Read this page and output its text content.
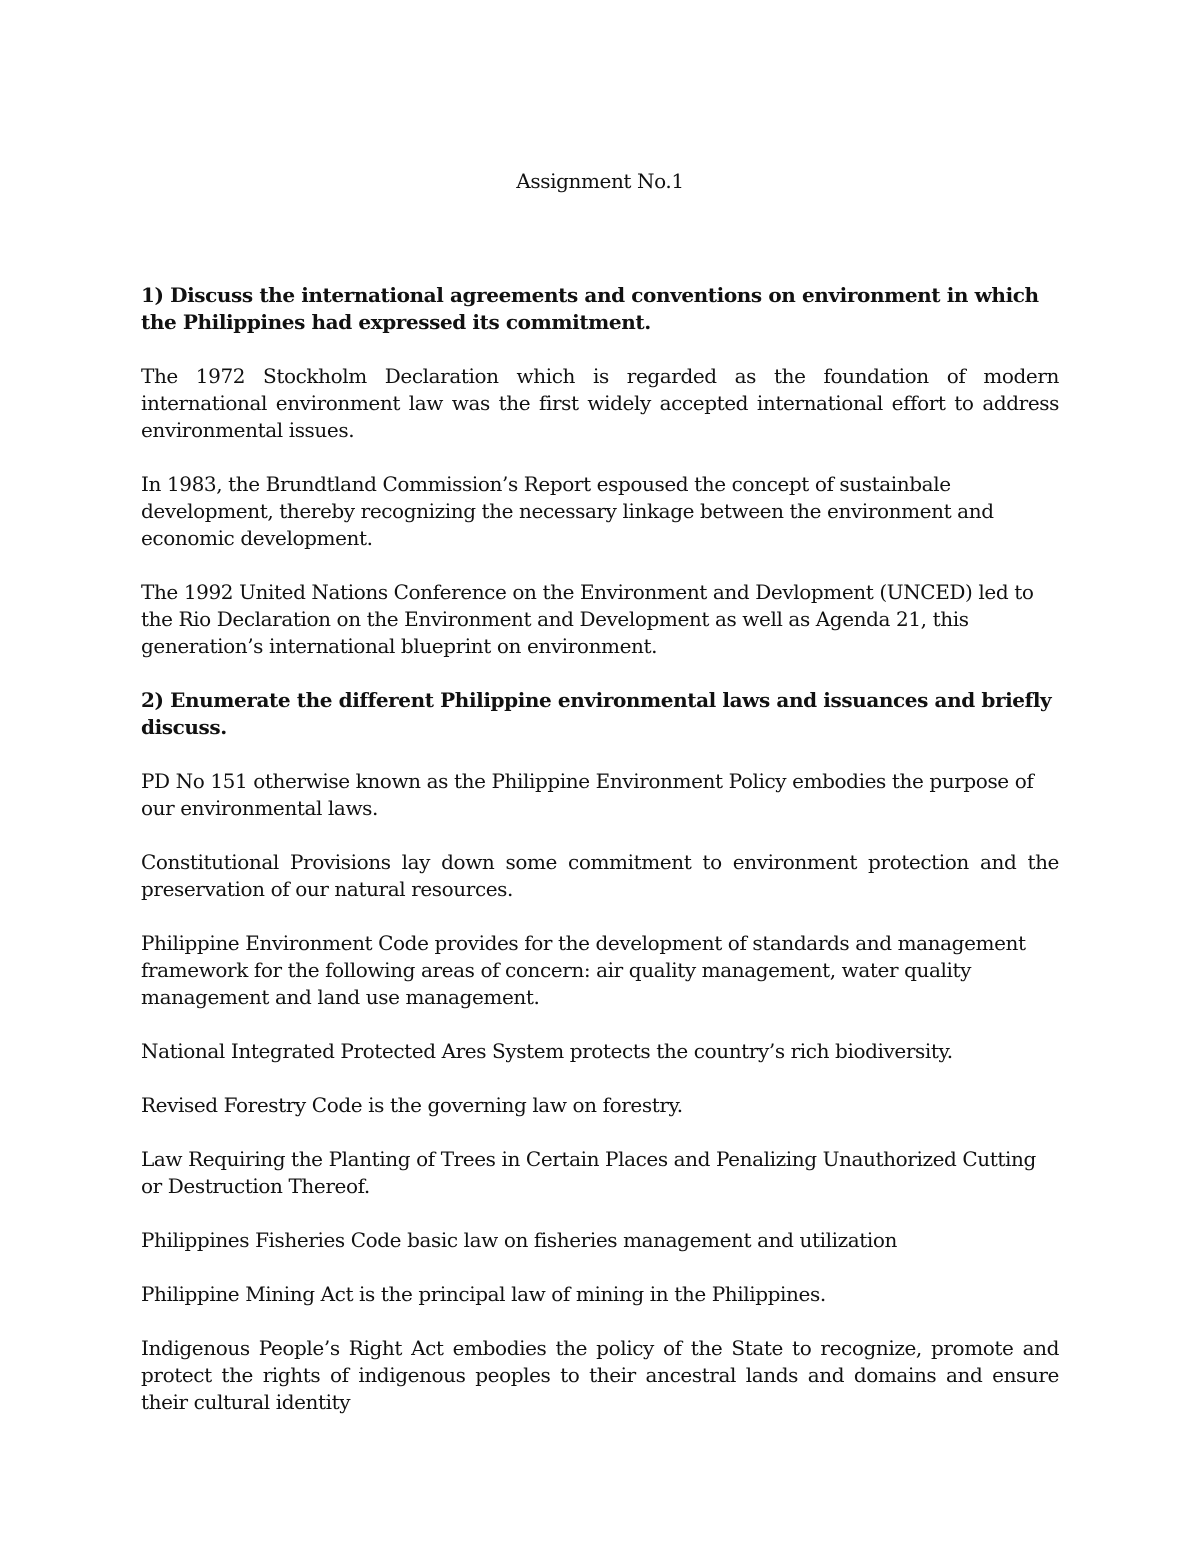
Assignment No.1
1) Discuss the international agreements and conventions on environment in which the Philippines had expressed its commitment.
The 1972 Stockholm Declaration which is regarded as the foundation of modern international environment law was the first widely accepted international effort to address environmental issues.
In 1983, the Brundtland Commission’s Report espoused the concept of sustainbale development, thereby recognizing the necessary linkage between the environment and economic development.
The 1992 United Nations Conference on the Environment and Devlopment (UNCED) led to the Rio Declaration on the Environment and Development as well as Agenda 21, this generation’s international blueprint on environment.
2) Enumerate the different Philippine environmental laws and issuances and briefly discuss.
PD No 151 otherwise known as the Philippine Environment Policy embodies the purpose of our environmental laws.
Constitutional Provisions lay down some commitment to environment protection and the preservation of our natural resources.
Philippine Environment Code provides for the development of standards and management framework for the following areas of concern: air quality management, water quality management and land use management.
National Integrated Protected Ares System protects the country’s rich biodiversity.
Revised Forestry Code is the governing law on forestry.
Law Requiring the Planting of Trees in Certain Places and Penalizing Unauthorized Cutting or Destruction Thereof.
Philippines Fisheries Code basic law on fisheries management and utilization
Philippine Mining Act is the principal law of mining in the Philippines.
Indigenous People’s Right Act embodies the policy of the State to recognize, promote and protect the rights of indigenous peoples to their ancestral lands and domains and ensure their cultural identity
